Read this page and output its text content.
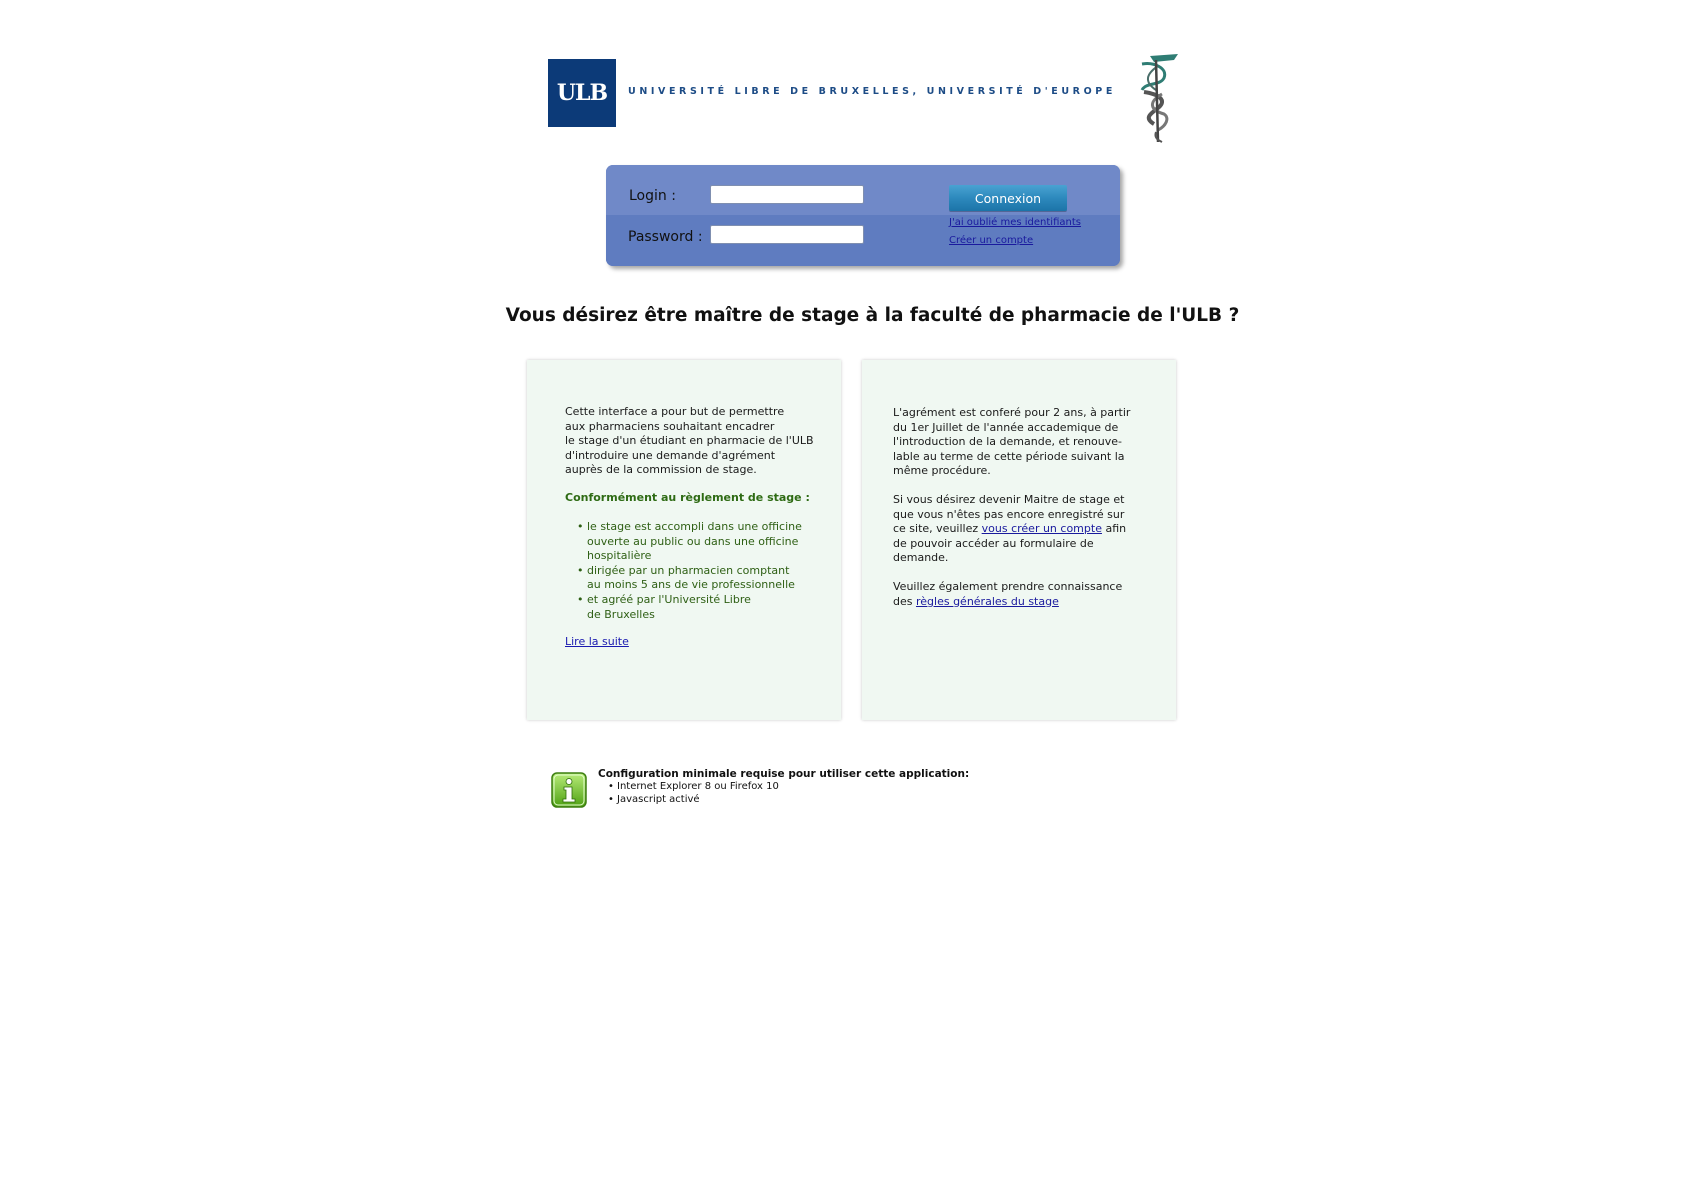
ULB	UNIVERSITÉ LIBRE DE BRUXELLES, UNIVERSITÉ D'EUROPE
Login :
Password :
Connexion
J'ai oublié mes identifiants
Créer un compte
Vous désirez être maître de stage à la faculté de pharmacie de l'ULB ?
Cette interface a pour but de permettre
aux pharmaciens souhaitant encadrer
le stage d'un étudiant en pharmacie de l'ULB
d'introduire une demande d'agrément
auprès de la commission de stage.
Conformément au règlement de stage :
• le stage est accompli dans une officine
ouverte au public ou dans une officine
hospitalière
• dirigée par un pharmacien comptant
au moins 5 ans de vie professionnelle
• et agréé par l'Université Libre
de Bruxelles
Lire la suite
L'agrément est conferé pour 2 ans, à partir
du 1er Juillet de l'année accademique de
l'introduction de la demande, et renouve-
lable au terme de cette période suivant la
même procédure.
Si vous désirez devenir Maitre de stage et
que vous n'êtes pas encore enregistré sur
ce site, veuillez vous créer un compte afin
de pouvoir accéder au formulaire de
demande.
Veuillez également prendre connaissance
des règles générales du stage
Configuration minimale requise pour utiliser cette application:
• Internet Explorer 8 ou Firefox 10
• Javascript activé
